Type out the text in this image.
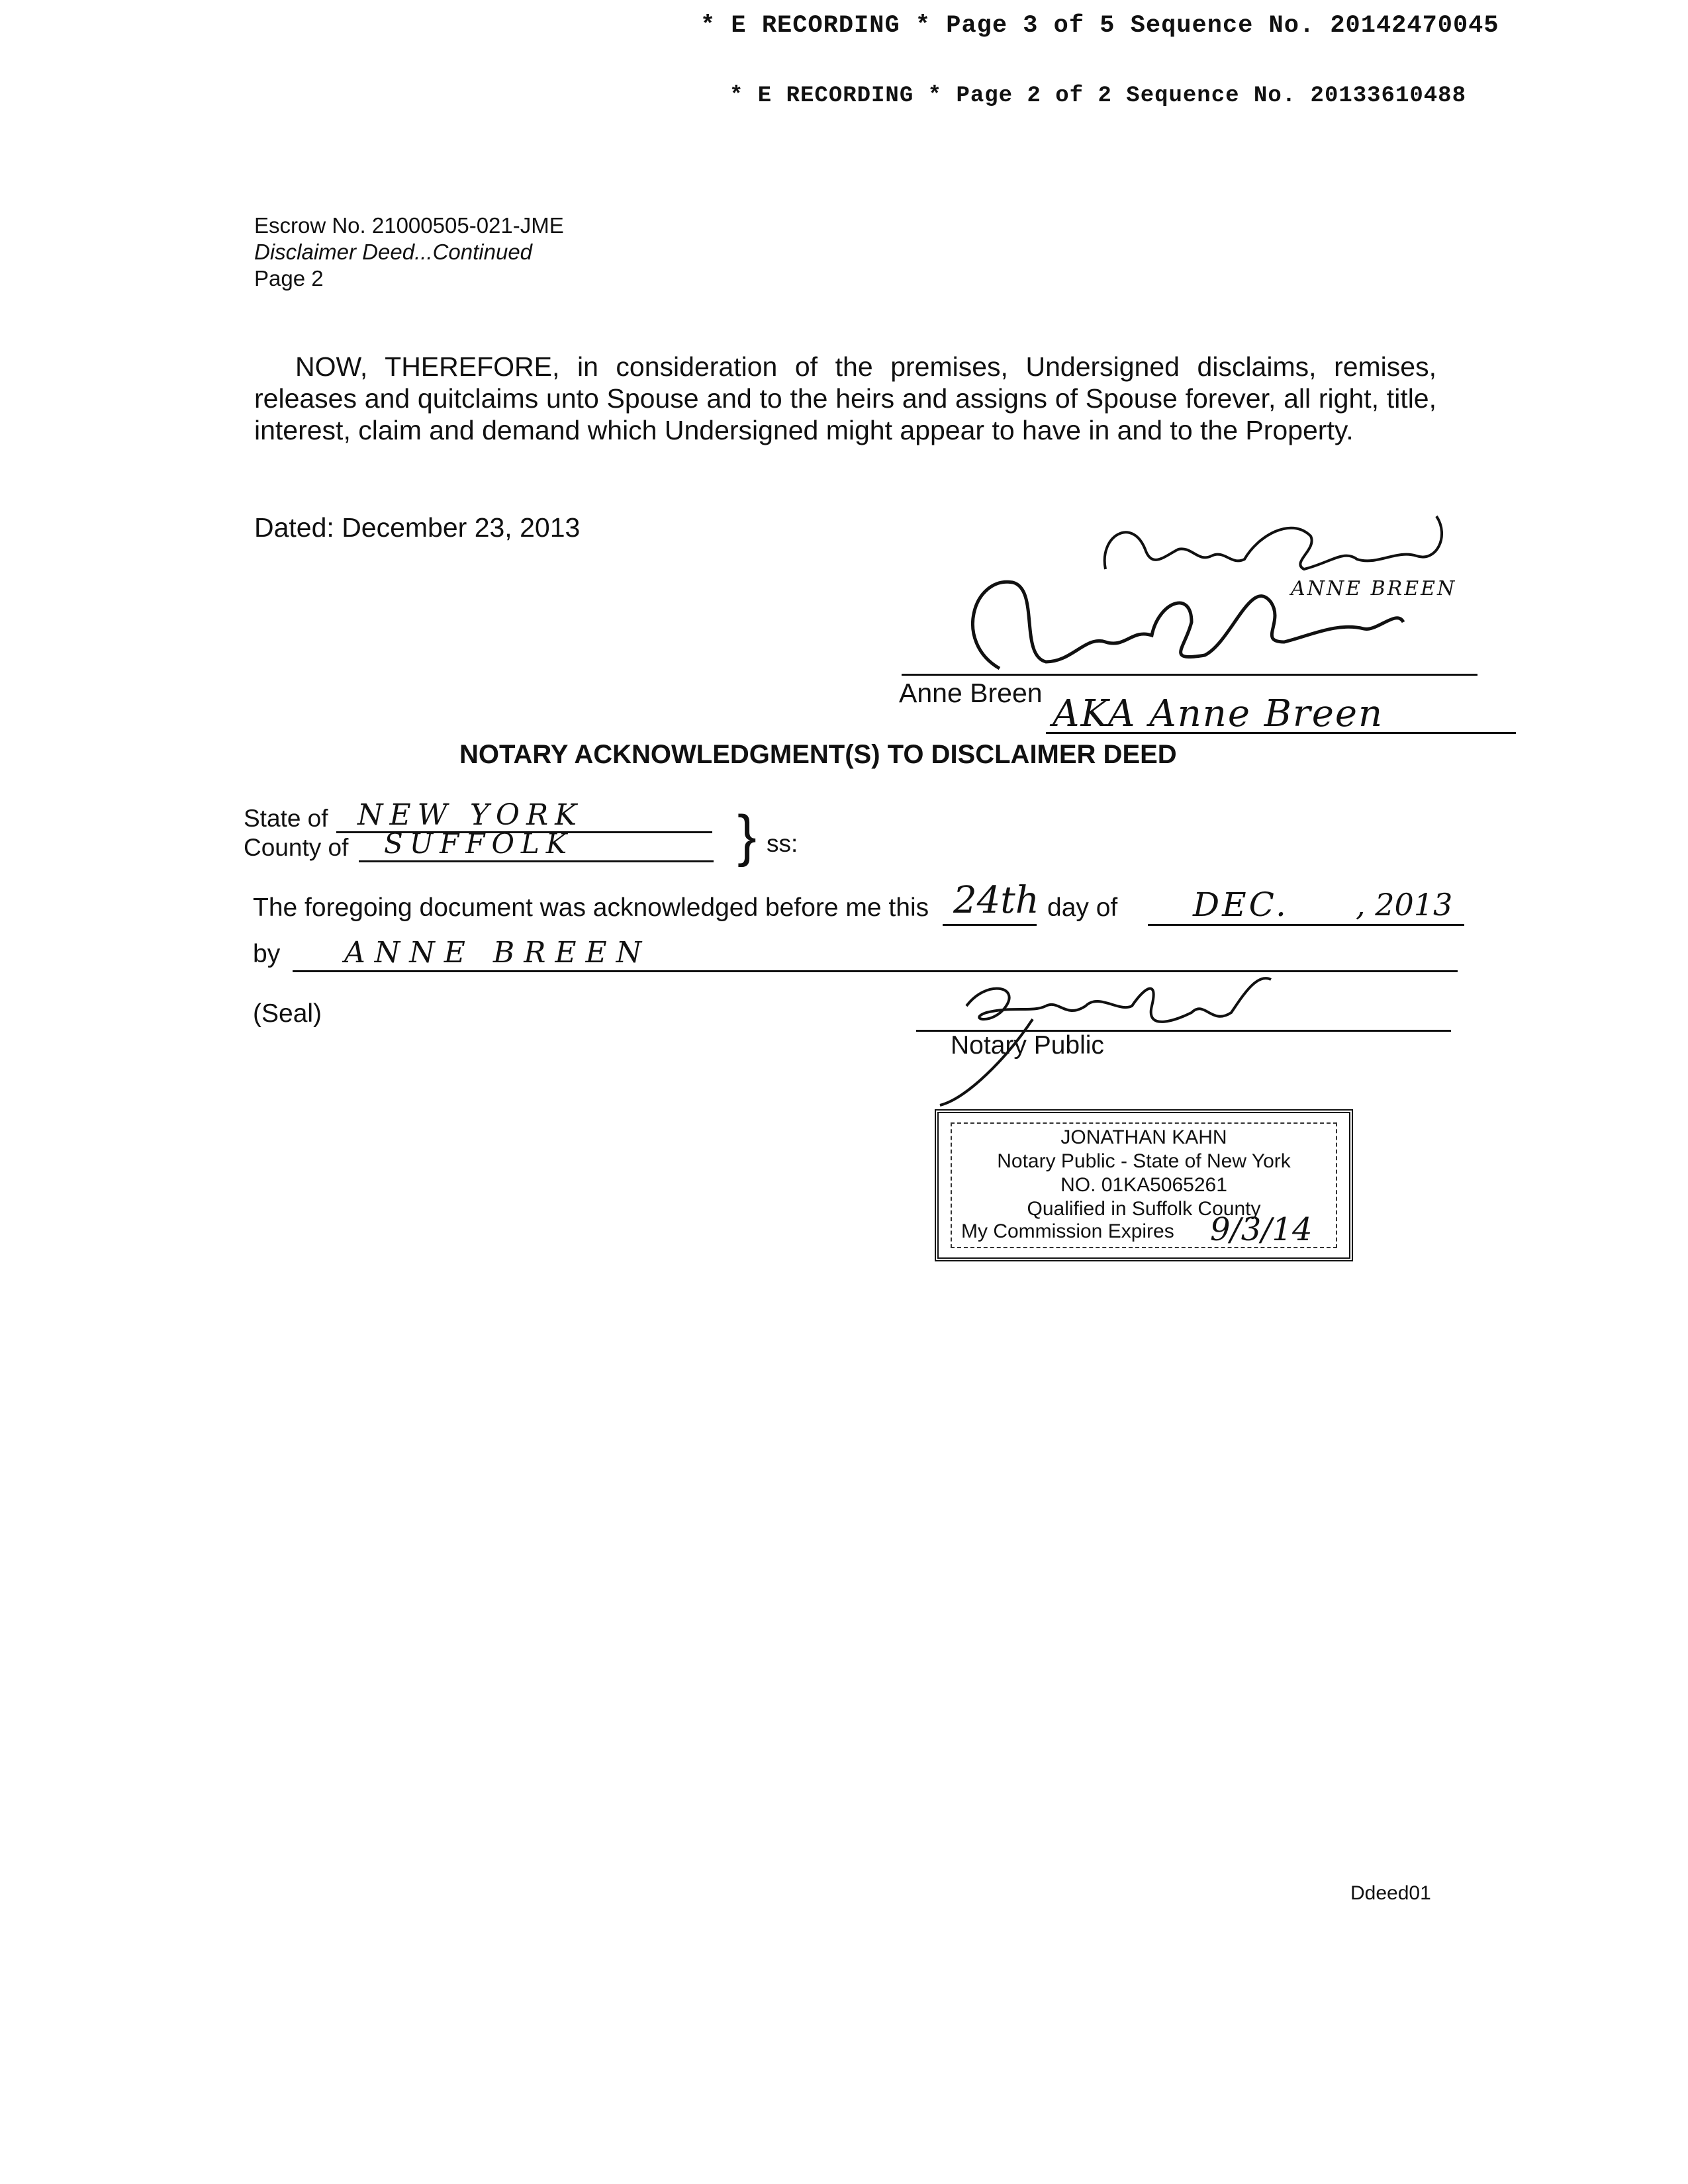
* E RECORDING * Page 3 of 5 Sequence No. 20142470045
* E RECORDING * Page 2 of 2 Sequence No. 20133610488
Escrow No. 21000505-021-JME
Disclaimer Deed...Continued
Page 2
NOW, THEREFORE, in consideration of the premises, Undersigned disclaims, remises, releases and quitclaims unto Spouse and to the heirs and assigns of Spouse forever, all right, title, interest, claim and demand which Undersigned might appear to have in and to the Property.
Dated: December 23, 2013
ANNE BREEN
Anne Breen AKA Anne Breen
NOTARY ACKNOWLEDGMENT(S) TO DISCLAIMER DEED
State of NEW YORK
County of SUFFOLK	} ss:
The foregoing document was acknowledged before me this 24th day of DEC. , 2013
by ANNE BREEN
(Seal)
Notary Public
JONATHAN KAHN
Notary Public - State of New York
NO. 01KA5065261
Qualified in Suffolk County
My Commission Expires 9/3/14
Ddeed01
